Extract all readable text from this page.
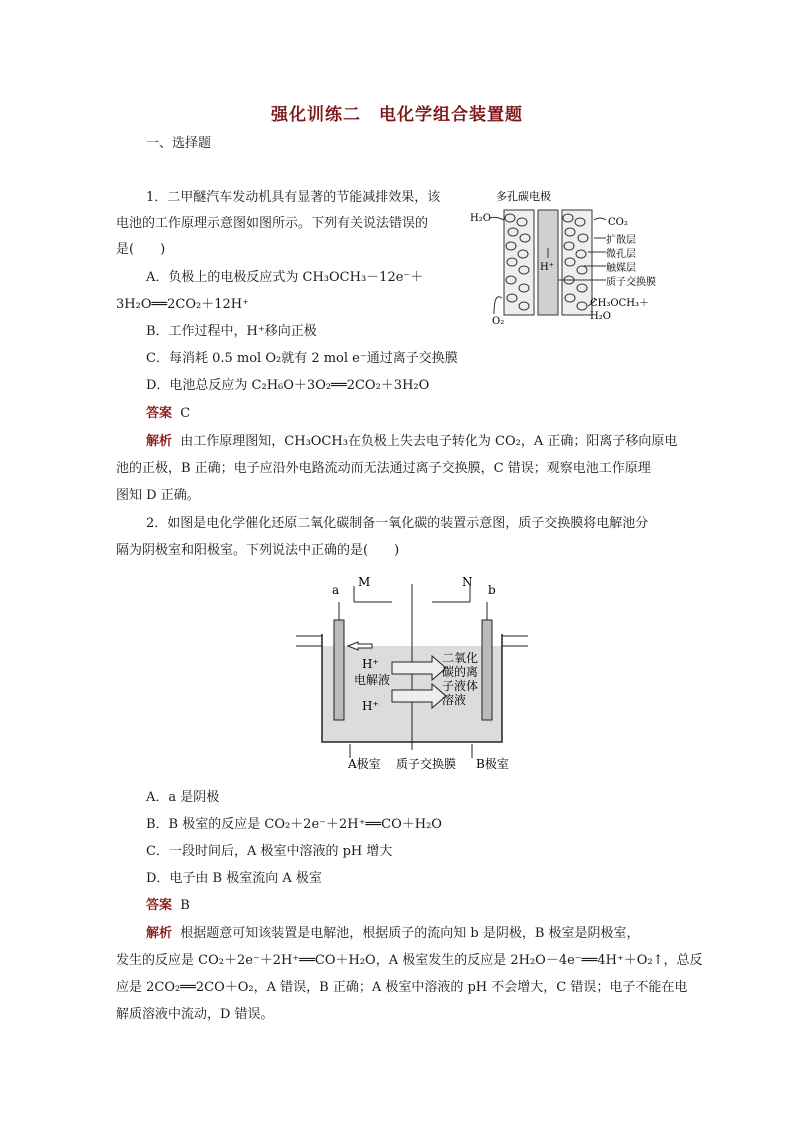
强化训练二　电化学组合装置题
一、选择题
1．二甲醚汽车发动机具有显著的节能减排效果，该
电池的工作原理示意图如图所示。下列有关说法错误的
是(　　)
A．负极上的电极反应式为 CH₃OCH₃－12e⁻＋
3H₂O══2CO₂＋12H⁺
B．工作过程中，H⁺移向正极
C．每消耗 0.5 mol O₂就有 2 mol e⁻通过离子交换膜
D．电池总反应为 C₂H₆O＋3O₂══2CO₂＋3H₂O
答案 C
解析 由工作原理图知，CH₃OCH₃在负极上失去电子转化为 CO₂，A 正确；阳离子移向原电
池的正极，B 正确；电子应沿外电路流动而无法通过离子交换膜，C 错误；观察电池工作原理
图知 D 正确。
多孔碳电极
H₂O	CO₂
H⁺
扩散层
微孔层
触媒层
质子交换膜
CH₃OCH₃＋
H₂O
O₂
2．如图是电化学催化还原二氧化碳制备一氧化碳的装置示意图，质子交换膜将电解池分
隔为阴极室和阳极室。下列说法中正确的是(　　)
a	b
M	N
H⁺
电解液
H⁺
二氧化
碳的离
子液体
溶液
A极室 质子交换膜 B极室
A．a 是阴极
B．B 极室的反应是 CO₂＋2e⁻＋2H⁺══CO＋H₂O
C．一段时间后，A 极室中溶液的 pH 增大
D．电子由 B 极室流向 A 极室
答案 B
解析 根据题意可知该装置是电解池，根据质子的流向知 b 是阴极，B 极室是阴极室，
发生的反应是 CO₂＋2e⁻＋2H⁺══CO＋H₂O，A 极室发生的反应是 2H₂O－4e⁻══4H⁺＋O₂↑，总反
应是 2CO₂══2CO＋O₂，A 错误，B 正确；A 极室中溶液的 pH 不会增大，C 错误；电子不能在电
解质溶液中流动，D 错误。
